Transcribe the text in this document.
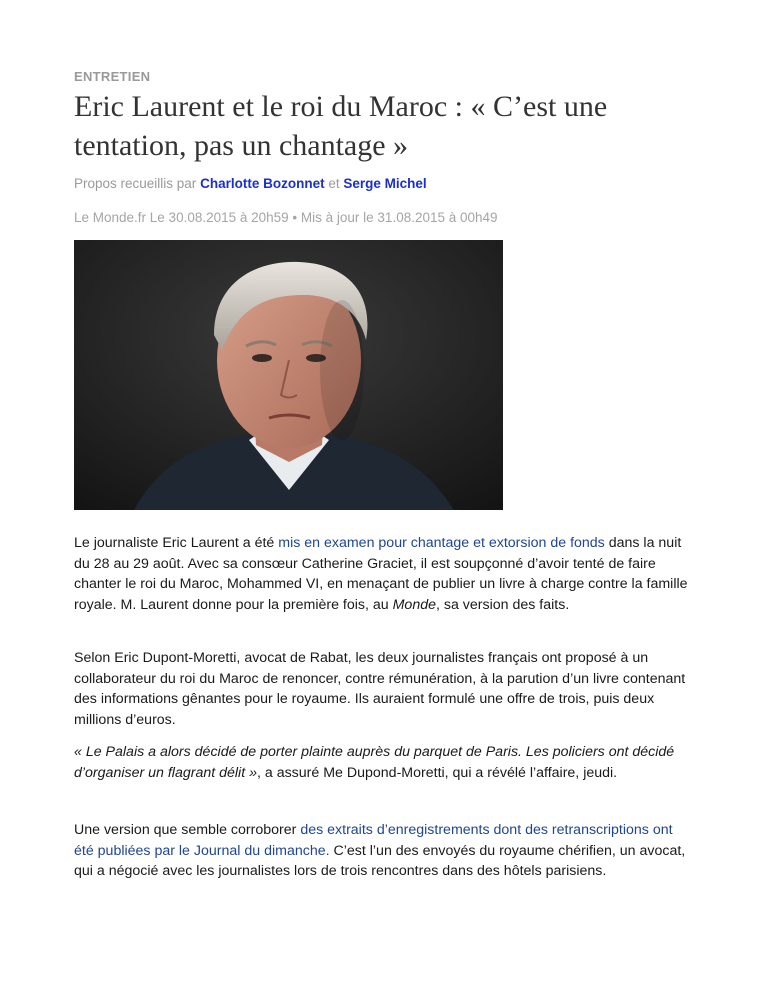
ENTRETIEN
Eric Laurent et le roi du Maroc : « C’est une tentation, pas un chantage »
Propos recueillis par Charlotte Bozonnet et Serge Michel
Le Monde.fr Le 30.08.2015 à 20h59 • Mis à jour le 31.08.2015 à 00h49

Le journaliste Eric Laurent a été mis en examen pour chantage et extorsion de fonds dans la nuit du 28 au 29 août. Avec sa consœur Catherine Graciet, il est soupçonné d’avoir tenté de faire chanter le roi du Maroc, Mohammed VI, en menaçant de publier un livre à charge contre la famille royale. M. Laurent donne pour la première fois, au Monde, sa version des faits.

Selon Eric Dupont-Moretti, avocat de Rabat, les deux journalistes français ont proposé à un collaborateur du roi du Maroc de renoncer, contre rémunération, à la parution d’un livre contenant des informations gênantes pour le royaume. Ils auraient formulé une offre de trois, puis deux millions d’euros.

« Le Palais a alors décidé de porter plainte auprès du parquet de Paris. Les policiers ont décidé d’organiser un flagrant délit », a assuré Me Dupond-Moretti, qui a révélé l’affaire, jeudi.

Une version que semble corroborer des extraits d’enregistrements dont des retranscriptions ont été publiées par le Journal du dimanche. C’est l’un des envoyés du royaume chérifien, un avocat, qui a négocié avec les journalistes lors de trois rencontres dans des hôtels parisiens.
